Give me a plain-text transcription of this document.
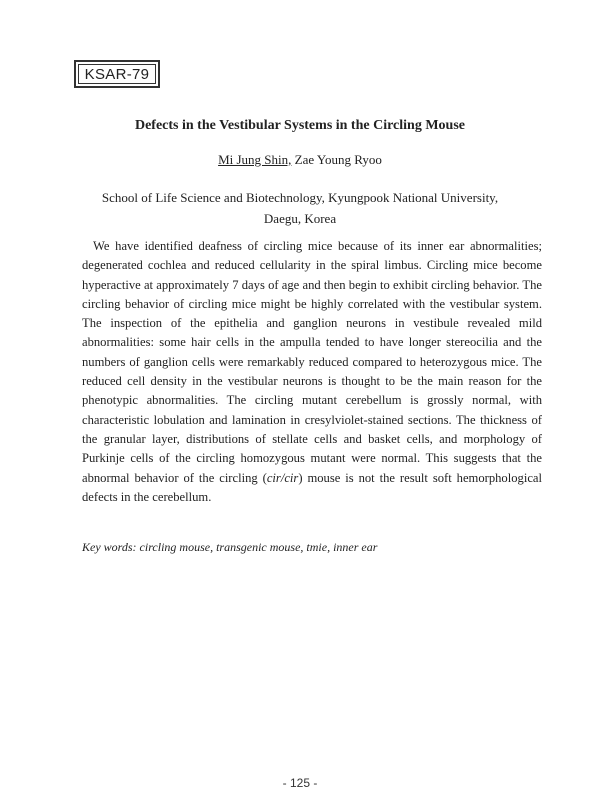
KSAR-79
Defects in the Vestibular Systems in the Circling Mouse
Mi Jung Shin, Zae Young Ryoo
School of Life Science and Biotechnology, Kyungpook National University,
Daegu, Korea

We have identified deafness of circling mice because of its inner ear abnormalities; degenerated cochlea and reduced cellularity in the spiral limbus. Circling mice become hyperactive at approximately 7 days of age and then begin to exhibit circling behavior. The circling behavior of circling mice might be highly correlated with the vestibular system. The inspection of the epithelia and ganglion neurons in vestibule revealed mild abnormalities: some hair cells in the ampulla tended to have longer stereocilia and the numbers of ganglion cells were remarkably reduced compared to heterozygous mice. The reduced cell density in the vestibular neurons is thought to be the main reason for the phenotypic abnormalities. The circling mutant cerebellum is grossly normal, with characteristic lobulation and lamination in cresylviolet-stained sections. The thickness of the granular layer, distributions of stellate cells and basket cells, and morphology of Purkinje cells of the circling homozygous mutant were normal. This suggests that the abnormal behavior of the circling (cir/cir) mouse is not the result soft hemorphological defects in the cerebellum.

Key words: circling mouse, transgenic mouse, tmie, inner ear

- 125 -
